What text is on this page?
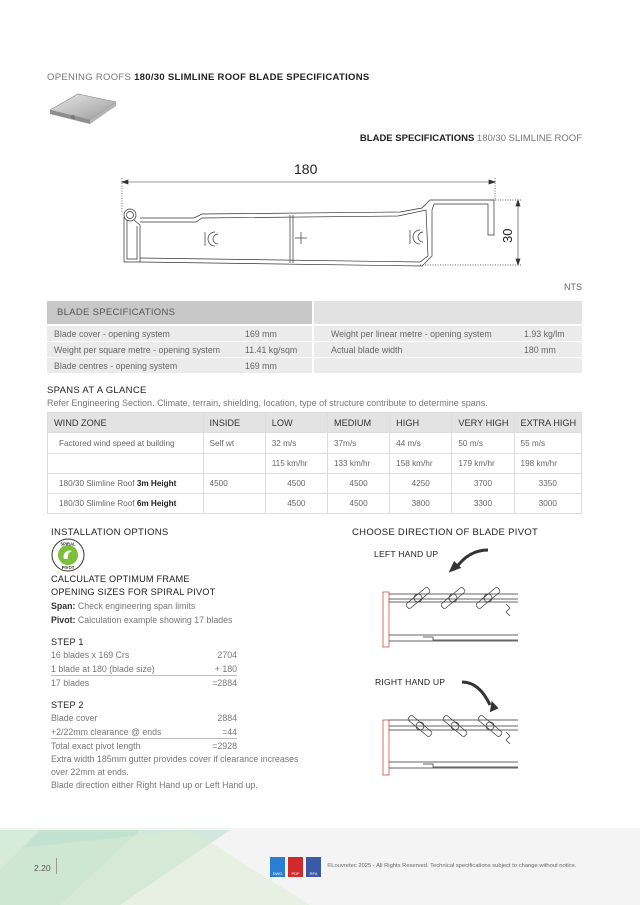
OPENING ROOFS 180/30 SLIMLINE ROOF BLADE SPECIFICATIONS
BLADE SPECIFICATIONS 180/30 SLIMLINE ROOF
180
30
NTS
BLADE SPECIFICATIONS
Blade cover - opening system	169 mm	Weight per linear metre - opening system	1.93 kg/lm
Weight per square metre - opening system	11.41 kg/sqm	Actual blade width	180 mm
Blade centres - opening system	169 mm
SPANS AT A GLANCE
Refer Engineering Section. Climate, terrain, shielding, location, type of structure contribute to determine spans.
WIND ZONE	INSIDE	LOW	MEDIUM	HIGH	VERY HIGH	EXTRA HIGH
Factored wind speed at building	Self wt	32 m/s	37m/s	44 m/s	50 m/s	55 m/s
		115 km/hr	133 km/hr	158 km/hr	179 km/hr	198 km/hr
180/30 Slimline Roof 3m Height	4500	4500	4500	4250	3700	3350
180/30 Slimline Roof 6m Height		4500	4500	3800	3300	3000
INSTALLATION OPTIONS
SPIRAL
PIVOT
CALCULATE OPTIMUM FRAME
OPENING SIZES FOR SPIRAL PIVOT
Span: Check engineering span limits
Pivot: Calculation example showing 17 blades
STEP 1
16 blades x 169 Crs	2704
1 blade at 180 (blade size)	+ 180
17 blades	=2884
STEP 2
Blade cover	2884
+2/22mm clearance @ ends	=44
Total exact pivot length	=2928
Extra width 185mm gutter provides cover if clearance increases
over 22mm at ends.
Blade direction either Right Hand up or Left Hand up.
CHOOSE DIRECTION OF BLADE PIVOT
LEFT HAND UP
RIGHT HAND UP
2.20
DWG	PDF	RFA
©Louvretec 2025 - All Rights Reserved. Technical specifications subject to change without notice.
